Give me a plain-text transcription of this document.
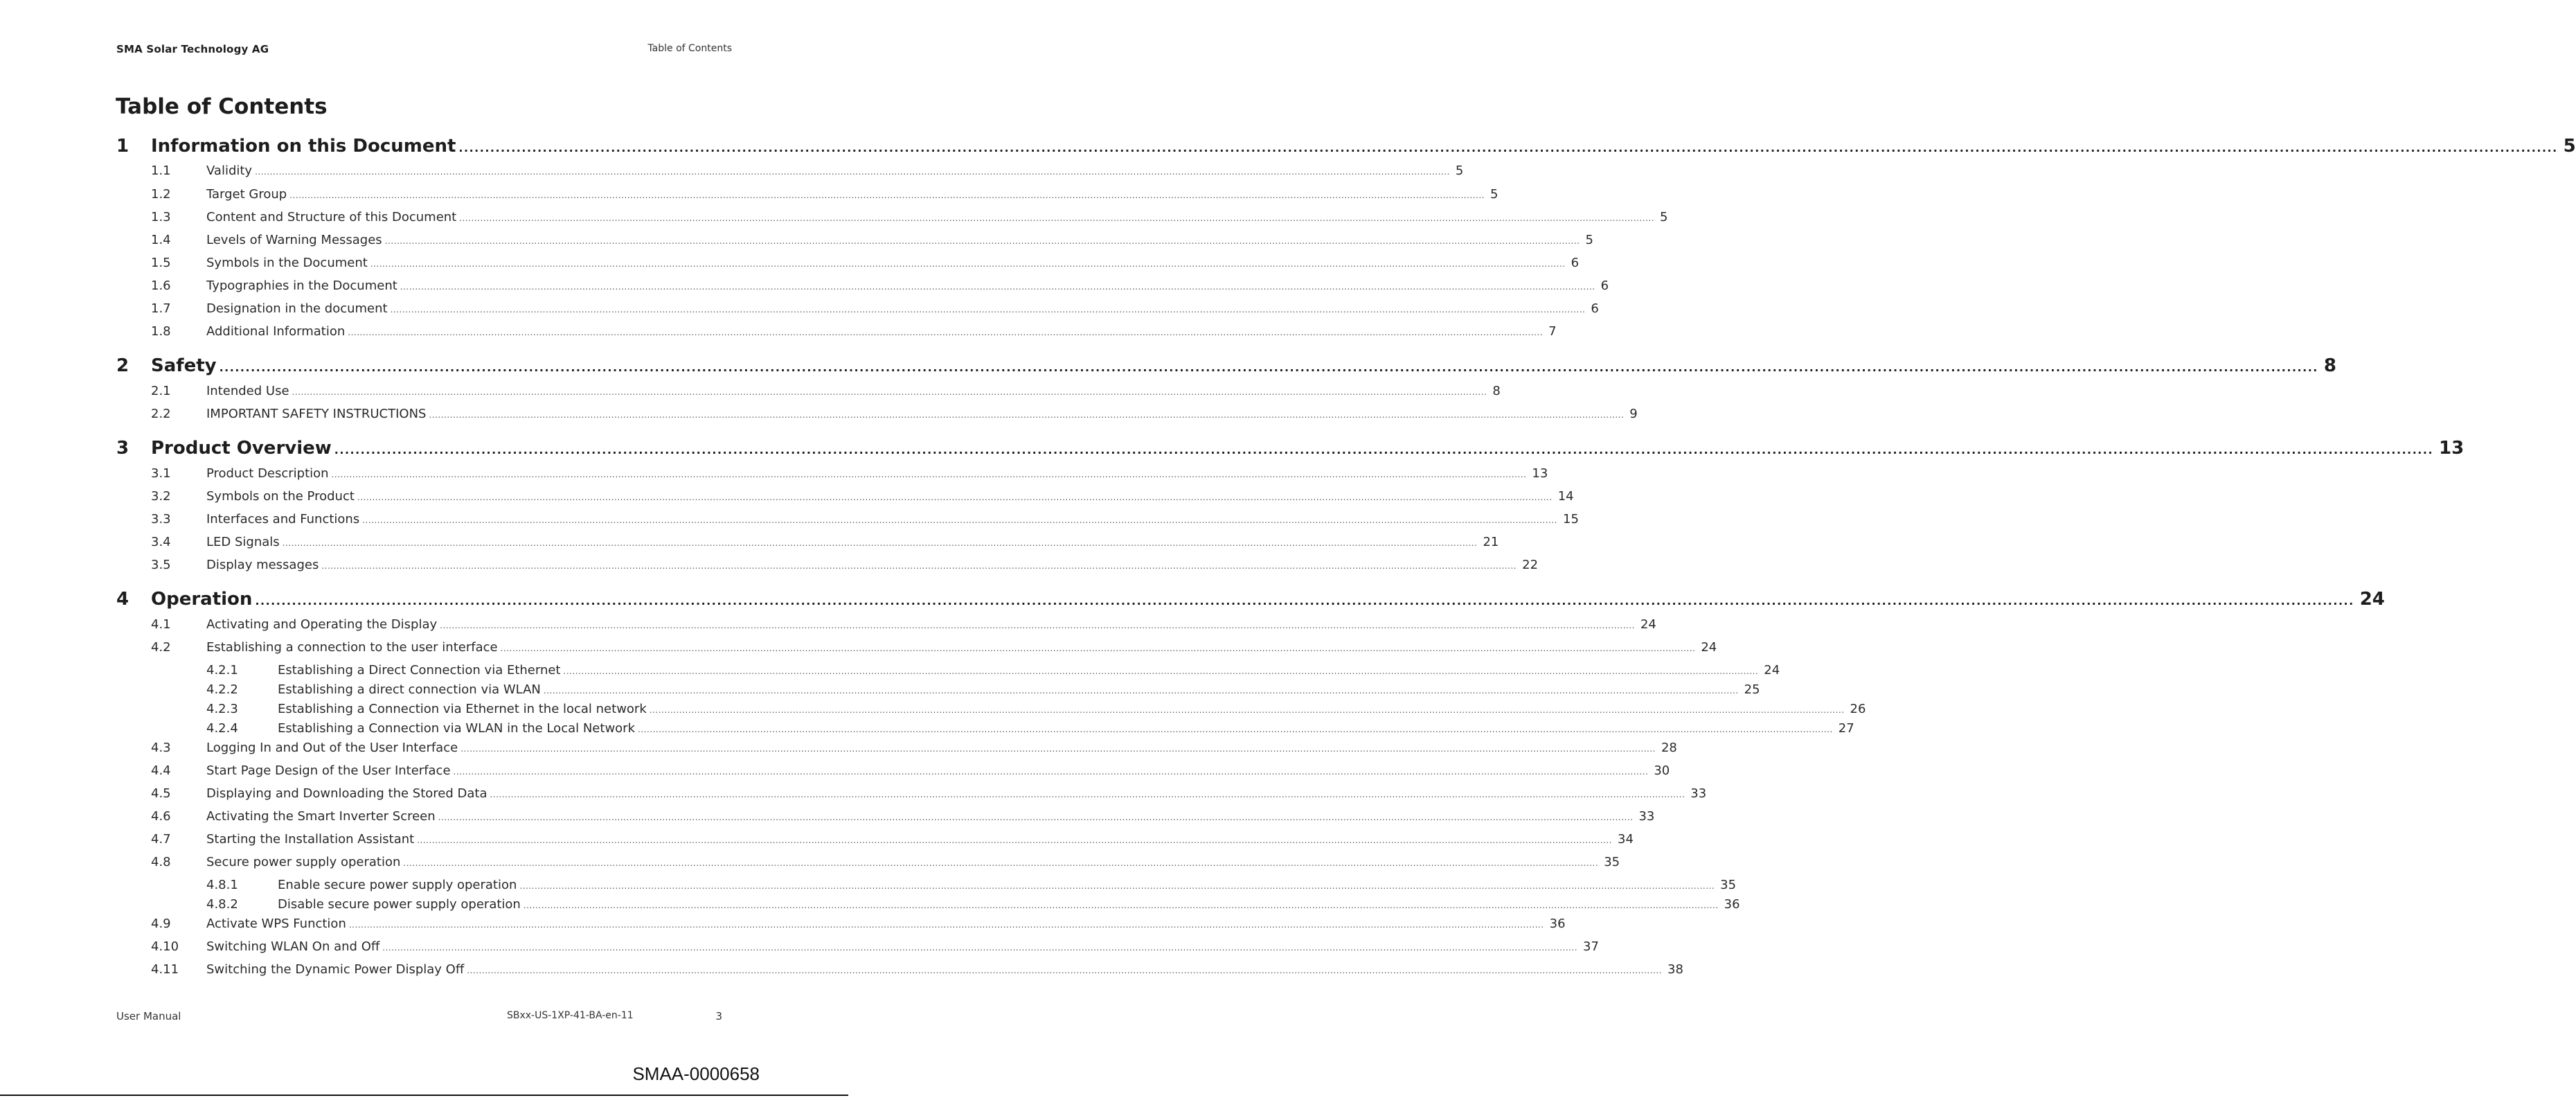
SMA Solar Technology AG	Table of Contents
Table of Contents
1 Information on this Document ................................................................................................................................................................................................................................................................................................................................................................................................................ 5
1.1	Validity ................................................................................................................................................................................................................................................................................................................................................................................................................ 5
1.2	Target Group ................................................................................................................................................................................................................................................................................................................................................................................................................ 5
1.3	Content and Structure of this Document ................................................................................................................................................................................................................................................................................................................................................................................................................ 5
1.4	Levels of Warning Messages ................................................................................................................................................................................................................................................................................................................................................................................................................ 5
1.5	Symbols in the Document ................................................................................................................................................................................................................................................................................................................................................................................................................ 6
1.6	Typographies in the Document ................................................................................................................................................................................................................................................................................................................................................................................................................ 6
1.7	Designation in the document ................................................................................................................................................................................................................................................................................................................................................................................................................ 6
1.8	Additional Information ................................................................................................................................................................................................................................................................................................................................................................................................................ 7
2 Safety ................................................................................................................................................................................................................................................................................................................................................................................................................ 8
2.1	Intended Use ................................................................................................................................................................................................................................................................................................................................................................................................................ 8
2.2	IMPORTANT SAFETY INSTRUCTIONS ................................................................................................................................................................................................................................................................................................................................................................................................................ 9
3 Product Overview ................................................................................................................................................................................................................................................................................................................................................................................................................ 13
3.1	Product Description ................................................................................................................................................................................................................................................................................................................................................................................................................ 13
3.2	Symbols on the Product ................................................................................................................................................................................................................................................................................................................................................................................................................ 14
3.3	Interfaces and Functions ................................................................................................................................................................................................................................................................................................................................................................................................................ 15
3.4	LED Signals ................................................................................................................................................................................................................................................................................................................................................................................................................ 21
3.5	Display messages ................................................................................................................................................................................................................................................................................................................................................................................................................ 22
4 Operation ................................................................................................................................................................................................................................................................................................................................................................................................................ 24
4.1	Activating and Operating the Display ................................................................................................................................................................................................................................................................................................................................................................................................................ 24
4.2	Establishing a connection to the user interface ................................................................................................................................................................................................................................................................................................................................................................................................................ 24
4.2.1	Establishing a Direct Connection via Ethernet ................................................................................................................................................................................................................................................................................................................................................................................................................ 24
4.2.2	Establishing a direct connection via WLAN ................................................................................................................................................................................................................................................................................................................................................................................................................ 25
4.2.3	Establishing a Connection via Ethernet in the local network ................................................................................................................................................................................................................................................................................................................................................................................................................ 26
4.2.4	Establishing a Connection via WLAN in the Local Network ................................................................................................................................................................................................................................................................................................................................................................................................................ 27
4.3	Logging In and Out of the User Interface ................................................................................................................................................................................................................................................................................................................................................................................................................ 28
4.4	Start Page Design of the User Interface ................................................................................................................................................................................................................................................................................................................................................................................................................ 30
4.5	Displaying and Downloading the Stored Data ................................................................................................................................................................................................................................................................................................................................................................................................................ 33
4.6	Activating the Smart Inverter Screen ................................................................................................................................................................................................................................................................................................................................................................................................................ 33
4.7	Starting the Installation Assistant ................................................................................................................................................................................................................................................................................................................................................................................................................ 34
4.8	Secure power supply operation ................................................................................................................................................................................................................................................................................................................................................................................................................ 35
4.8.1	Enable secure power supply operation ................................................................................................................................................................................................................................................................................................................................................................................................................ 35
4.8.2	Disable secure power supply operation ................................................................................................................................................................................................................................................................................................................................................................................................................ 36
4.9	Activate WPS Function ................................................................................................................................................................................................................................................................................................................................................................................................................ 36
4.10 Switching WLAN On and Off ................................................................................................................................................................................................................................................................................................................................................................................................................ 37
4.11 Switching the Dynamic Power Display Off ................................................................................................................................................................................................................................................................................................................................................................................................................ 38
User Manual	SBxx-US-1XP-41-BA-en-11	3
SMAA-0000658
